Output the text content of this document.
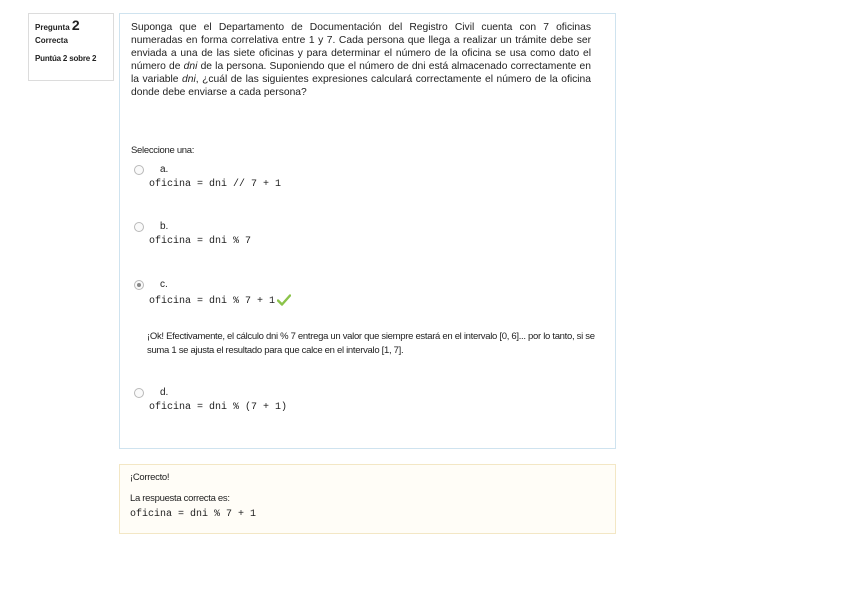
Pregunta 2
Correcta
Puntúa 2 sobre 2
Suponga que el Departamento de Documentación del Registro Civil cuenta con 7 oficinas numeradas en forma correlativa entre 1 y 7. Cada persona que llega a realizar un trámite debe ser enviada a una de las siete oficinas y para determinar el número de la oficina se usa como dato el número de dni de la persona. Suponiendo que el número de dni está almacenado correctamente en la variable dni, ¿cuál de las siguientes expresiones calculará correctamente el número de la oficina donde debe enviarse a cada persona?
Seleccione una:
a.
oficina = dni // 7 + 1
b.
oficina = dni % 7
c.
oficina = dni % 7 + 1
¡Ok! Efectivamente, el cálculo dni % 7 entrega un valor que siempre estará en el intervalo [0, 6]... por lo tanto, si se suma 1 se ajusta el resultado para que calce en el intervalo [1, 7].
d.
oficina = dni % (7 + 1)
¡Correcto!
La respuesta correcta es:
oficina = dni % 7 + 1
